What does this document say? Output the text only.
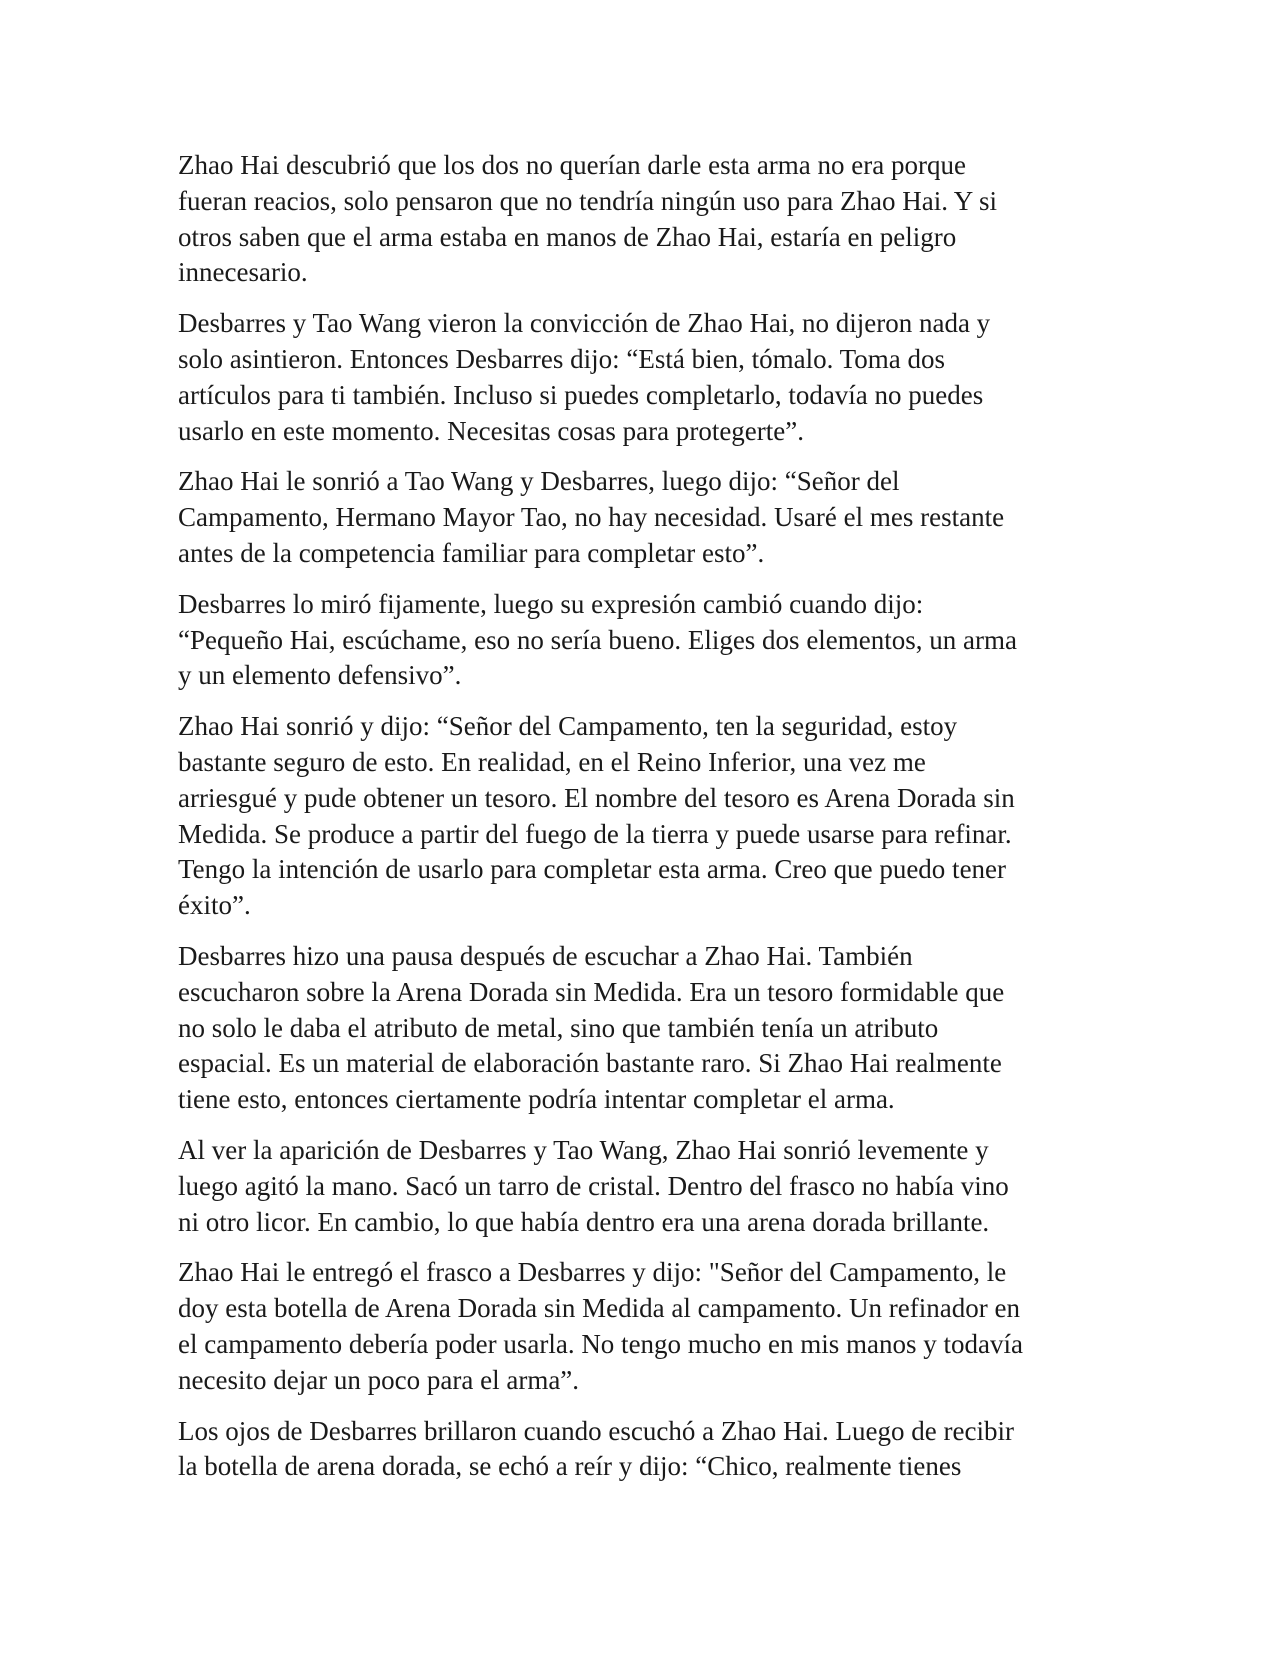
Zhao Hai descubrió que los dos no querían darle esta arma no era porque
fueran reacios, solo pensaron que no tendría ningún uso para Zhao Hai. Y si
otros saben que el arma estaba en manos de Zhao Hai, estaría en peligro
innecesario.

Desbarres y Tao Wang vieron la convicción de Zhao Hai, no dijeron nada y
solo asintieron. Entonces Desbarres dijo: “Está bien, tómalo. Toma dos
artículos para ti también. Incluso si puedes completarlo, todavía no puedes
usarlo en este momento. Necesitas cosas para protegerte”.

Zhao Hai le sonrió a Tao Wang y Desbarres, luego dijo: “Señor del
Campamento, Hermano Mayor Tao, no hay necesidad. Usaré el mes restante
antes de la competencia familiar para completar esto”.

Desbarres lo miró fijamente, luego su expresión cambió cuando dijo:
“Pequeño Hai, escúchame, eso no sería bueno. Eliges dos elementos, un arma
y un elemento defensivo”.

Zhao Hai sonrió y dijo: “Señor del Campamento, ten la seguridad, estoy
bastante seguro de esto. En realidad, en el Reino Inferior, una vez me
arriesgué y pude obtener un tesoro. El nombre del tesoro es Arena Dorada sin
Medida. Se produce a partir del fuego de la tierra y puede usarse para refinar.
Tengo la intención de usarlo para completar esta arma. Creo que puedo tener
éxito”.

Desbarres hizo una pausa después de escuchar a Zhao Hai. También
escucharon sobre la Arena Dorada sin Medida. Era un tesoro formidable que
no solo le daba el atributo de metal, sino que también tenía un atributo
espacial. Es un material de elaboración bastante raro. Si Zhao Hai realmente
tiene esto, entonces ciertamente podría intentar completar el arma.

Al ver la aparición de Desbarres y Tao Wang, Zhao Hai sonrió levemente y
luego agitó la mano. Sacó un tarro de cristal. Dentro del frasco no había vino
ni otro licor. En cambio, lo que había dentro era una arena dorada brillante.

Zhao Hai le entregó el frasco a Desbarres y dijo: "Señor del Campamento, le
doy esta botella de Arena Dorada sin Medida al campamento. Un refinador en
el campamento debería poder usarla. No tengo mucho en mis manos y todavía
necesito dejar un poco para el arma”.

Los ojos de Desbarres brillaron cuando escuchó a Zhao Hai. Luego de recibir
la botella de arena dorada, se echó a reír y dijo: “Chico, realmente tienes
